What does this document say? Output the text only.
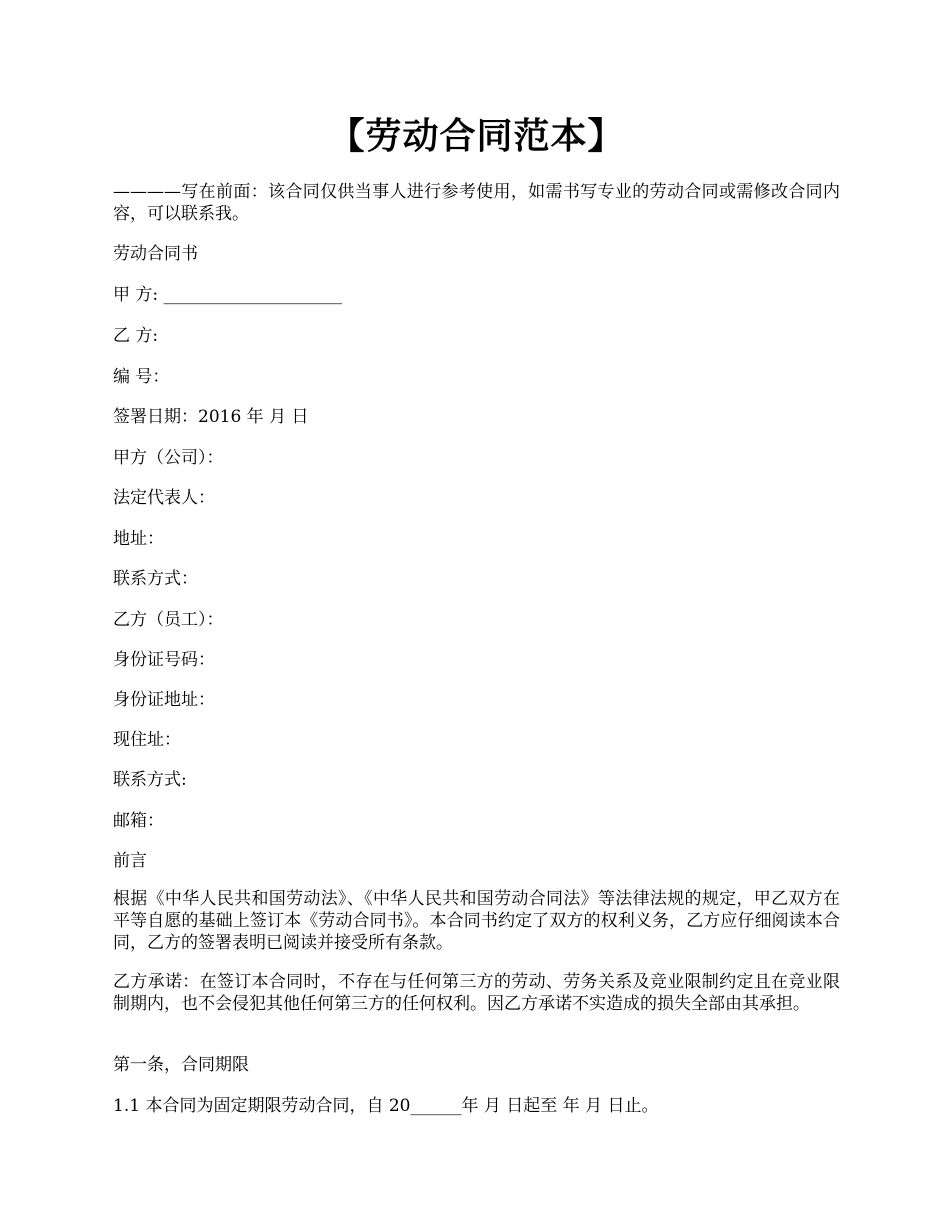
【劳动合同范本】
————写在前面：该合同仅供当事人进行参考使用，如需书写专业的劳动合同或需修改合同内容，可以联系我。
劳动合同书
甲 方: _____________________
乙 方:
编 号：
签署日期：2016 年 月 日
甲方（公司）：
法定代表人：
地址：
联系方式：
乙方（员工）：
身份证号码：
身份证地址：
现住址：
联系方式:
邮箱：
前言
根据《中华人民共和国劳动法》、《中华人民共和国劳动合同法》等法律法规的规定，甲乙双方在平等自愿的基础上签订本《劳动合同书》。本合同书约定了双方的权利义务，乙方应仔细阅读本合同，乙方的签署表明已阅读并接受所有条款。
乙方承诺：在签订本合同时，不存在与任何第三方的劳动、劳务关系及竞业限制约定且在竞业限制期内，也不会侵犯其他任何第三方的任何权利。因乙方承诺不实造成的损失全部由其承担。
第一条，合同期限
1.1 本合同为固定期限劳动合同，自 20______年 月 日起至 年 月 日止。
